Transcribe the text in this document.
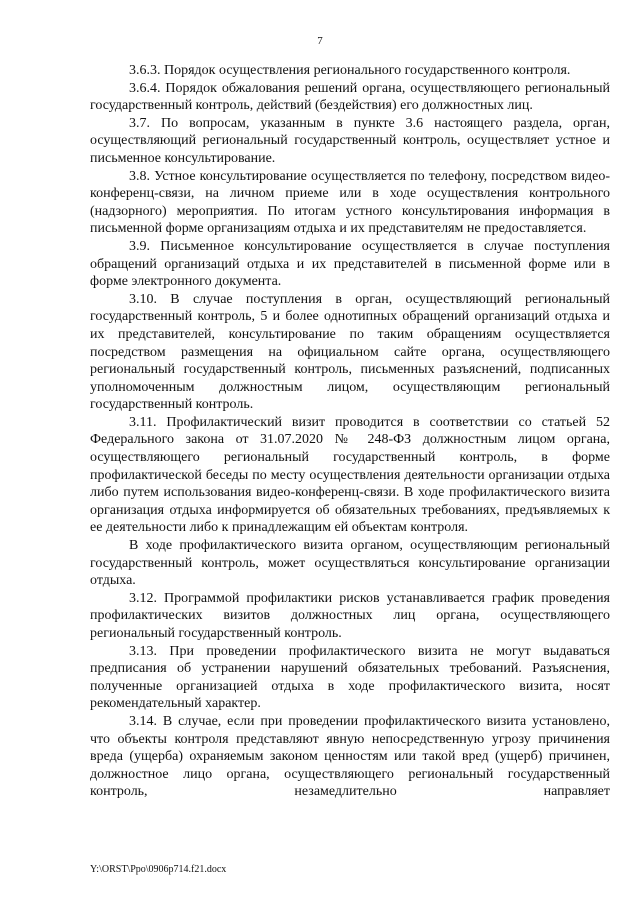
7

3.6.3. Порядок осуществления регионального государственного контроля.

3.6.4. Порядок обжалования решений органа, осуществляющего региональный государственный контроль, действий (бездействия) его должностных лиц.

3.7. По вопросам, указанным в пункте 3.6 настоящего раздела, орган, осуществляющий региональный государственный контроль, осуществляет устное и письменное консультирование.

3.8. Устное консультирование осуществляется по телефону, посредством видео-конференц-связи, на личном приеме или в ходе осуществления контрольного (надзорного) мероприятия. По итогам устного консультирования информация в письменной форме организациям отдыха и их представителям не предоставляется.

3.9. Письменное консультирование осуществляется в случае поступления обращений организаций отдыха и их представителей в письменной форме или в форме электронного документа.

3.10. В случае поступления в орган, осуществляющий региональный государственный контроль, 5 и более однотипных обращений организаций отдыха и их представителей, консультирование по таким обращениям осуществляется посредством размещения на официальном сайте органа, осуществляющего региональный государственный контроль, письменных разъяснений, подписанных уполномоченным должностным лицом, осуществляющим региональный государственный контроль.

3.11. Профилактический визит проводится в соответствии со статьей 52 Федерального закона от 31.07.2020 № 248-ФЗ должностным лицом органа, осуществляющего региональный государственный контроль, в форме профилактической беседы по месту осуществления деятельности организации отдыха либо путем использования видео-конференц-связи. В ходе профилактического визита организация отдыха информируется об обязательных требованиях, предъявляемых к ее деятельности либо к принадлежащим ей объектам контроля.

В ходе профилактического визита органом, осуществляющим региональный государственный контроль, может осуществляться консультирование организации отдыха.

3.12. Программой профилактики рисков устанавливается график проведения профилактических визитов должностных лиц органа, осуществляющего региональный государственный контроль.

3.13. При проведении профилактического визита не могут выдаваться предписания об устранении нарушений обязательных требований. Разъяснения, полученные организацией отдыха в ходе профилактического визита, носят рекомендательный характер.

3.14. В случае, если при проведении профилактического визита установлено, что объекты контроля представляют явную непосредственную угрозу причинения вреда (ущерба) охраняемым законом ценностям или такой вред (ущерб) причинен, должностное лицо органа, осуществляющего региональный государственный контроль, незамедлительно направляет

Y:\ORST\Ppo\0906p714.f21.docx
